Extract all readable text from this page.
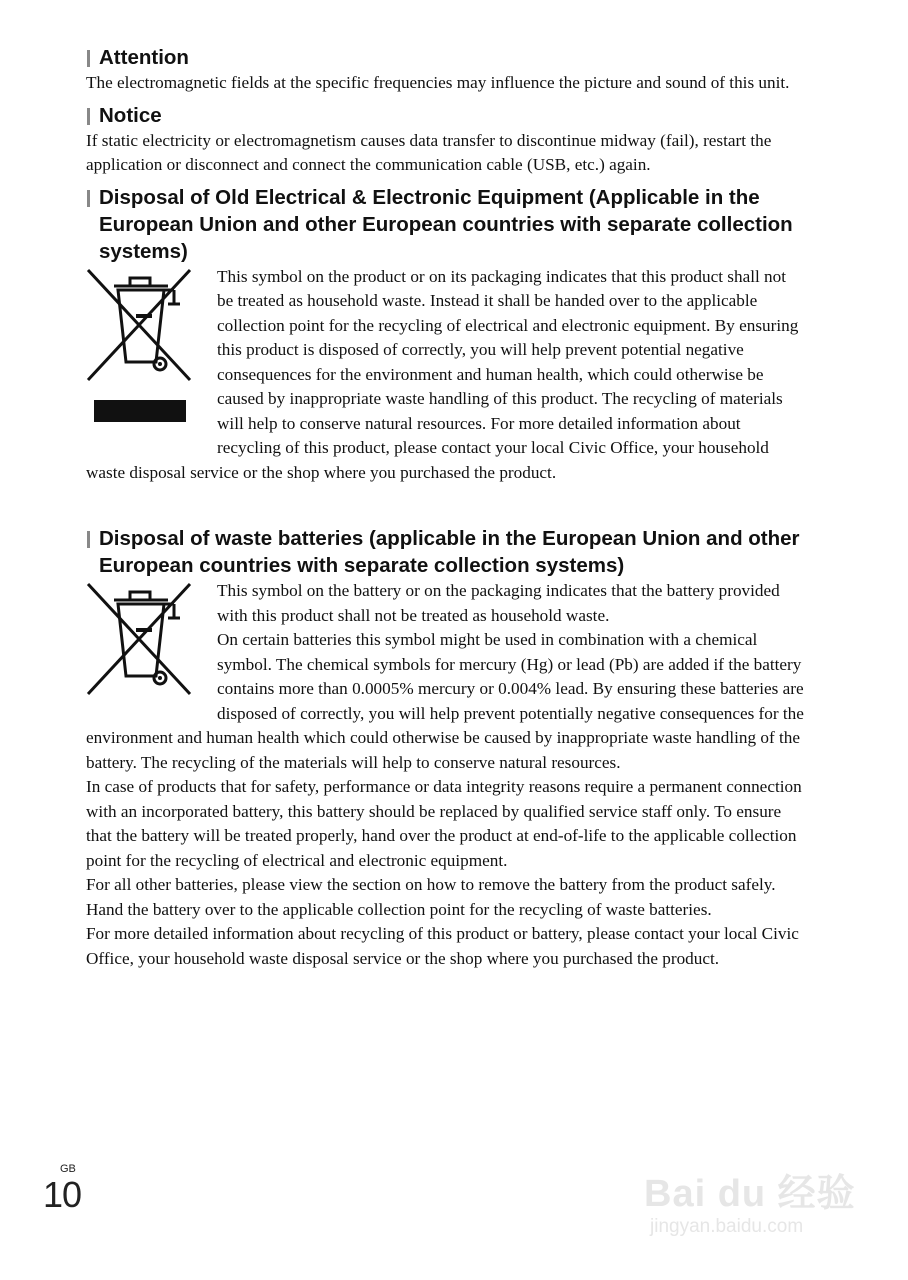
Attention

The electromagnetic fields at the specific frequencies may influence the picture and sound of this unit.

Notice

If static electricity or electromagnetism causes data transfer to discontinue midway (fail), restart the application or disconnect and connect the communication cable (USB, etc.) again.

Disposal of Old Electrical & Electronic Equipment (Applicable in the European Union and other European countries with separate collection systems)

This symbol on the product or on its packaging indicates that this product shall not be treated as household waste. Instead it shall be handed over to the applicable collection point for the recycling of electrical and electronic equipment. By ensuring this product is disposed of correctly, you will help prevent potential negative consequences for the environment and human health, which could otherwise be caused by inappropriate waste handling of this product. The recycling of materials will help to conserve natural resources. For more detailed information about recycling of this product, please contact your local Civic Office, your household waste disposal service or the shop where you purchased the product.

Disposal of waste batteries (applicable in the European Union and other European countries with separate collection systems)

This symbol on the battery or on the packaging indicates that the battery provided with this product shall not be treated as household waste.

On certain batteries this symbol might be used in combination with a chemical symbol. The chemical symbols for mercury (Hg) or lead (Pb) are added if the battery contains more than 0.0005% mercury or 0.004% lead. By ensuring these batteries are disposed of correctly, you will help prevent potentially negative consequences for the environment and human health which could otherwise be caused by inappropriate waste handling of the battery. The recycling of the materials will help to conserve natural resources.

In case of products that for safety, performance or data integrity reasons require a permanent connection with an incorporated battery, this battery should be replaced by qualified service staff only. To ensure that the battery will be treated properly, hand over the product at end-of-life to the applicable collection point for the recycling of electrical and electronic equipment.

For all other batteries, please view the section on how to remove the battery from the product safely.

Hand the battery over to the applicable collection point for the recycling of waste batteries.

For more detailed information about recycling of this product or battery, please contact your local Civic Office, your household waste disposal service or the shop where you purchased the product.

GB
10	Bai du 经验
jingyan.baidu.com
